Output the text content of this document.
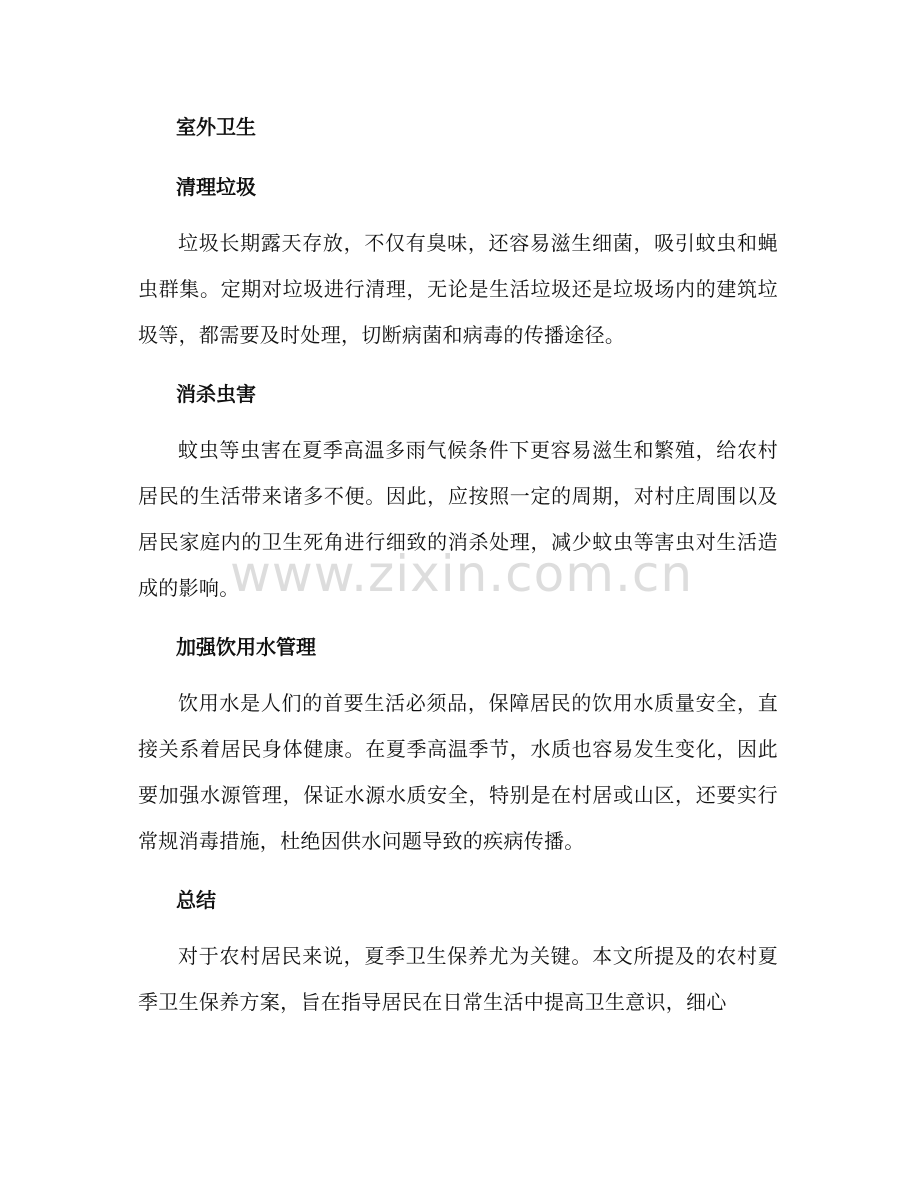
室外卫生
清理垃圾
垃圾长期露天存放，不仅有臭味，还容易滋生细菌，吸引蚊虫和蝇虫群集。定期对垃圾进行清理，无论是生活垃圾还是垃圾场内的建筑垃圾等，都需要及时处理，切断病菌和病毒的传播途径。
消杀虫害
蚊虫等虫害在夏季高温多雨气候条件下更容易滋生和繁殖，给农村居民的生活带来诸多不便。因此，应按照一定的周期，对村庄周围以及居民家庭内的卫生死角进行细致的消杀处理，减少蚊虫等害虫对生活造成的影响。
加强饮用水管理
饮用水是人们的首要生活必须品，保障居民的饮用水质量安全，直接关系着居民身体健康。在夏季高温季节，水质也容易发生变化，因此要加强水源管理，保证水源水质安全，特别是在村居或山区，还要实行常规消毒措施，杜绝因供水问题导致的疾病传播。
总结
对于农村居民来说，夏季卫生保养尤为关键。本文所提及的农村夏季卫生保养方案，旨在指导居民在日常生活中提高卫生意识，细心
www.zixin.com.cn
